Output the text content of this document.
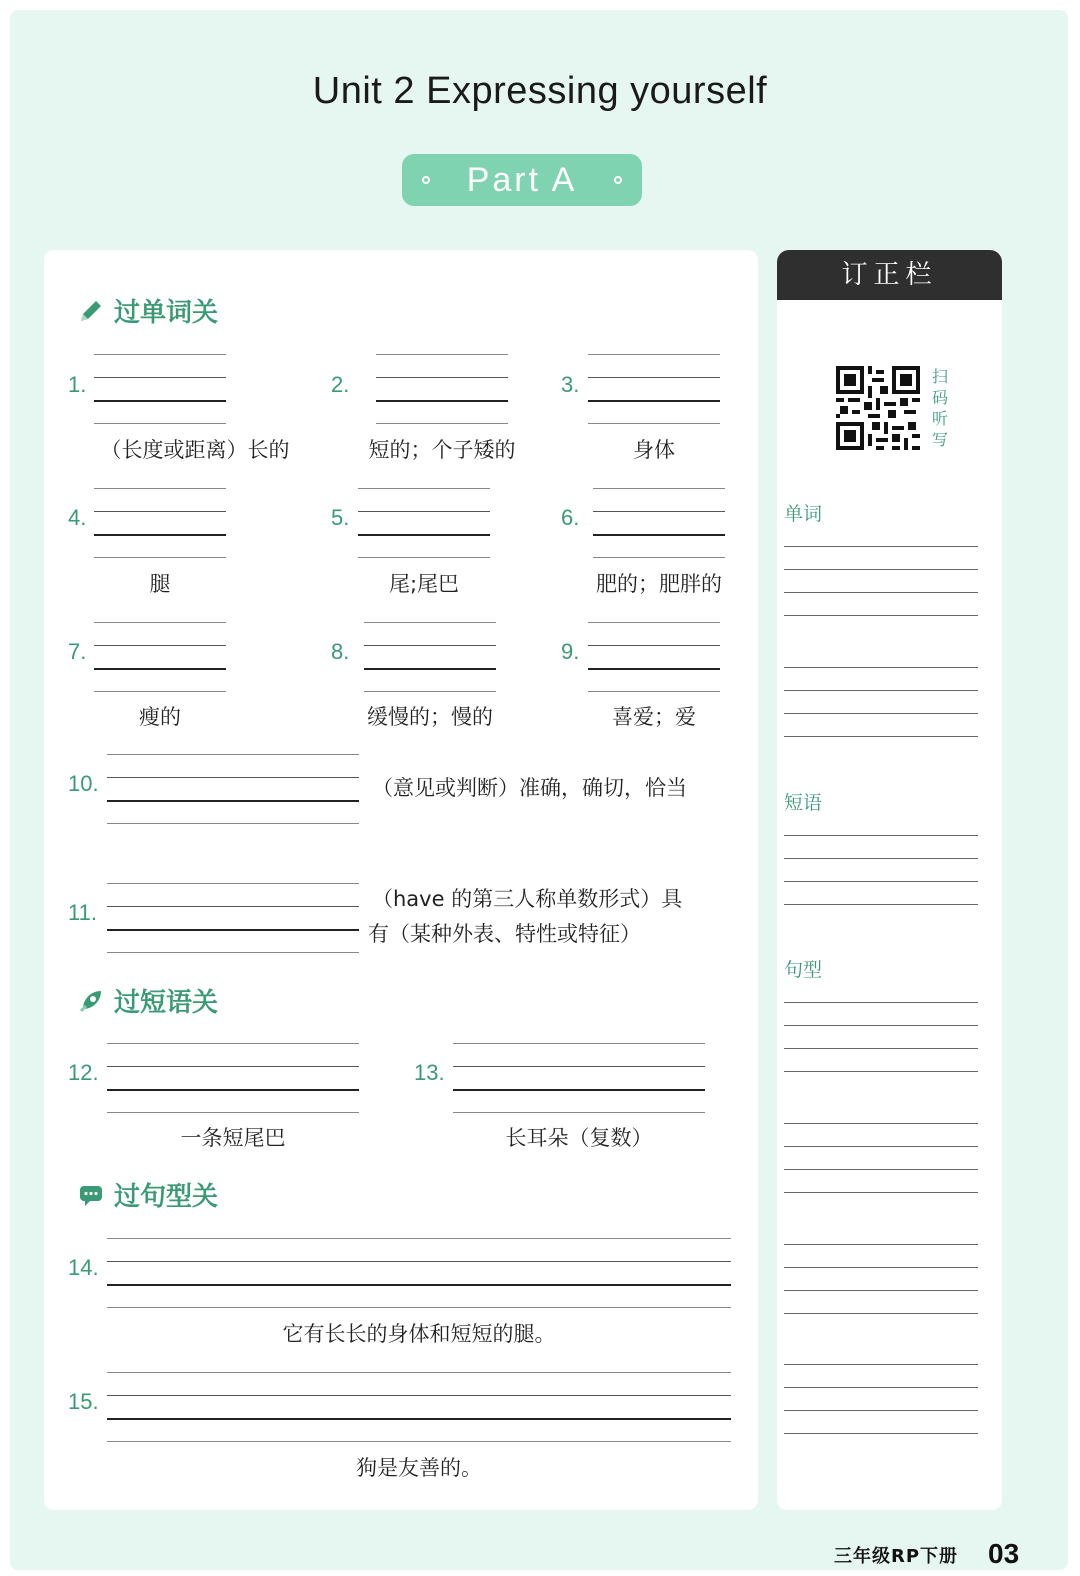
Unit 2 Expressing yourself
Part A
订正栏
过单词关
1.
（长度或距离）长的
2.
短的；个子矮的
3.
身体
4.
腿
5.
尾;尾巴
6.
肥的；肥胖的
7.
瘦的
8.
缓慢的；慢的
9.
喜爱；爱
10.	（意见或判断）准确，确切，恰当
11.
（have 的第三人称单数形式）具
有（某种外表、特性或特征）
过短语关
12.
一条短尾巴
13.
长耳朵（复数）
过句型关
14.
它有长长的身体和短短的腿。
15.
狗是友善的。
扫码听写
单词
短语
句型
三年级RP下册 03
